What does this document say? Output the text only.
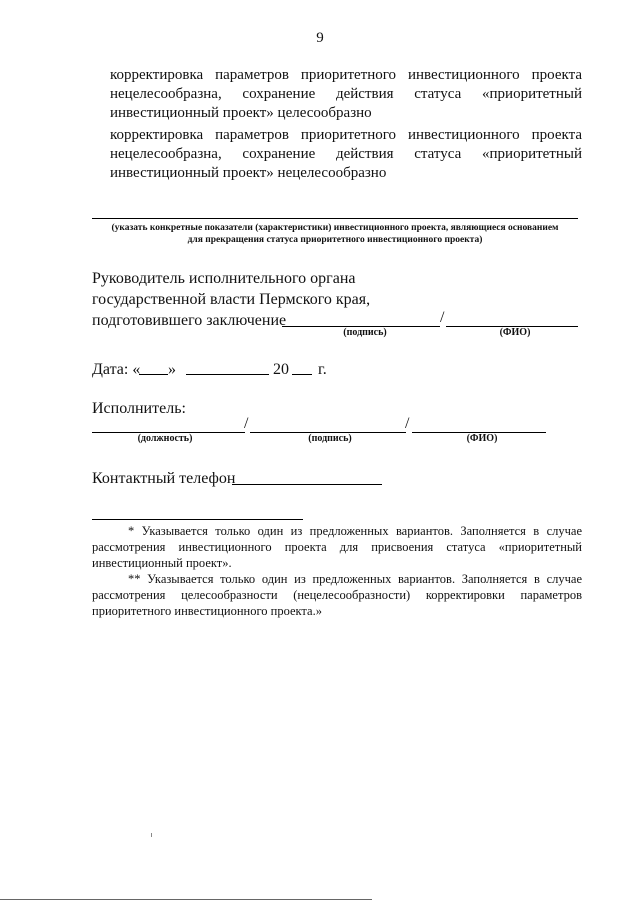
9
корректировка параметров приоритетного инвестиционного проекта
нецелесообразна, сохранение действия статуса «приоритетный
инвестиционный проект» целесообразно
корректировка параметров приоритетного инвестиционного проекта
нецелесообразна, сохранение действия статуса «приоритетный
инвестиционный проект» нецелесообразно
(указать конкретные показатели (характеристики) инвестиционного проекта, являющиеся основанием
для прекращения статуса приоритетного инвестиционного проекта)
Руководитель исполнительного органа
государственной власти Пермского края,
подготовившего заключение	/
(подпись)	(ФИО)
Дата: « »	20 г.
Исполнитель:
/	/
(должность)	(подпись)	(ФИО)
Контактный телефон
* Указывается только один из предложенных вариантов. Заполняется в случае
рассмотрения инвестиционного проекта для присвоения статуса «приоритетный
инвестиционный проект».
** Указывается только один из предложенных вариантов. Заполняется в случае
рассмотрения целесообразности (нецелесообразности) корректировки параметров
приоритетного инвестиционного проекта.»
